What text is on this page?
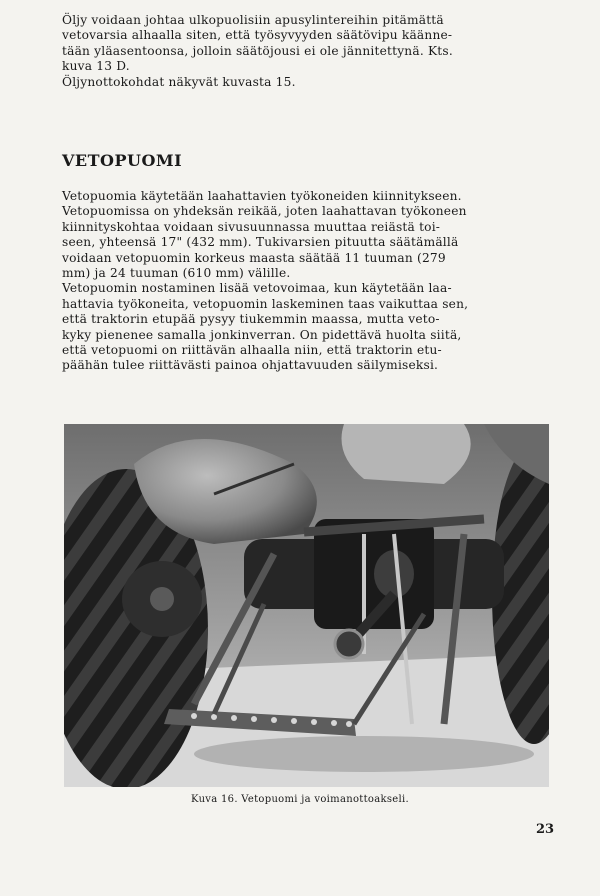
Öljy voidaan johtaa ulkopuolisiin apusylintereihin pitämättä
vetovarsia alhaalla siten, että työsyvyyden säätövipu käänne-
tään yläasentoonsa, jolloin säätöjousi ei ole jännitettynä. Kts.
kuva 13 D.
Öljynottokohdat näkyvät kuvasta 15.
VETOPUOMI
Vetopuomia käytetään laahattavien työkoneiden kiinnitykseen.
Vetopuomissa on yhdeksän reikää, joten laahattavan työkoneen
kiinnityskohtaa voidaan sivusuunnassa muuttaa reiästä toi-
seen, yhteensä 17" (432 mm). Tukivarsien pituutta säätämällä
voidaan vetopuomin korkeus maasta säätää 11 tuuman (279
mm) ja 24 tuuman (610 mm) välille.
Vetopuomin nostaminen lisää vetovoimaa, kun käytetään laa-
hattavia työkoneita, vetopuomin laskeminen taas vaikuttaa sen,
että traktorin etupää pysyy tiukemmin maassa, mutta veto-
kyky pienenee samalla jonkinverran. On pidettävä huolta siitä,
että vetopuomi on riittävän alhaalla niin, että traktorin etu-
päähän tulee riittävästi painoa ohjattavuuden säilymiseksi.
Kuva 16. Vetopuomi ja voimanottoakseli.
23
